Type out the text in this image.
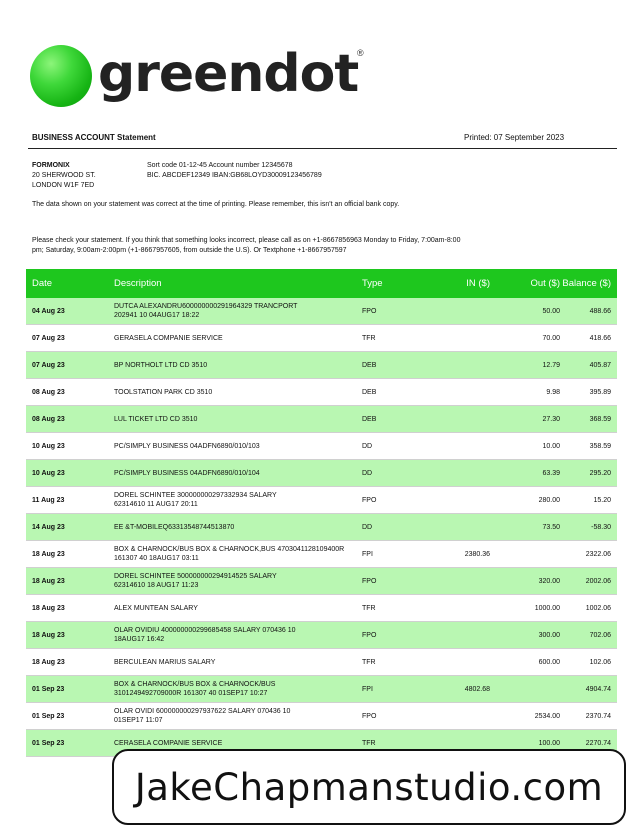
greendot
®
BUSINESS ACCOUNT Statement	Printed: 07 September 2023
FORMONIX
20 SHERWOOD ST.
LONDON W1F 7ED
Sort code 01-12-45 Account number 12345678
BIC. ABCDEF12349 IBAN:GB68LOYD30009123456789
The data shown on your statement was correct at the time of printing. Please remember, this isn't an official bank copy.
Please check your statement. If you think that something looks incorrect, please call as on +1-8667856963 Monday to Friday, 7:00am-8:00 pm; Saturday, 9:00am-2:00pm (+1-8667957605, from outside the U.S). Or Textphone +1-8667957597
Date	Description	Type	IN ($)	Out ($)	Balance ($)
04 Aug 23	DUTCA ALEXANDRU600000000291964329 TRANCPORT
202941 10 04AUG17 18:22	FPO		50.00	488.66
07 Aug 23	GERASELA COMPANIE SERVICE	TFR		70.00	418.66
07 Aug 23	BP NORTHOLT LTD CD 3510	DEB		12.79	405.87
08 Aug 23	TOOLSTATION PARK CD 3510	DEB		9.98	395.89
08 Aug 23	LUL TICKET LTD CD 3510	DEB		27.30	368.59
10 Aug 23	PC/SIMPLY BUSINESS 04ADFN6890/010/103	DD		10.00	358.59
10 Aug 23	PC/SIMPLY BUSINESS 04ADFN6890/010/104	DD		63.39	295.20
11 Aug 23	DOREL SCHINTEE 300000000297332934 SALARY
62314610 11 AUG17 20:11	FPO		280.00	15.20
14 Aug 23	EE &T-MOBILEQ63313548744513870	DD		73.50	-58.30
18 Aug 23	BOX & CHARNOCK/BUS BOX & CHARNOCK,BUS 4703041128109400R
161307 40 18AUG17 03:11	FPI	2380.36		2322.06
18 Aug 23	DOREL SCHINTEE 500000000294914525 SALARY
62314610 18 AUG17 11:23	FPO		320.00	2002.06
18 Aug 23	ALEX MUNTEAN SALARY	TFR		1000.00	1002.06
18 Aug 23	OLAR OVIDIU 400000000299685458 SALARY 070436 10
18AUG17 16:42	FPO		300.00	702.06
18 Aug 23	BERCULEAN MARIUS SALARY	TFR		600.00	102.06
01 Sep 23	BOX & CHARNOCK/BUS BOX & CHARNOCK/BUS
3101249492709000R 161307 40 01SEP17 10:27	FPI	4802.68		4904.74
01 Sep 23	OLAR OVIDI 600000000297937622 SALARY 070436 10
01SEP17 11:07	FPO		2534.00	2370.74
01 Sep 23	CERASELA COMPANIE SERVICE	TFR		100.00	2270.74
JakeChapmanstudio.com
